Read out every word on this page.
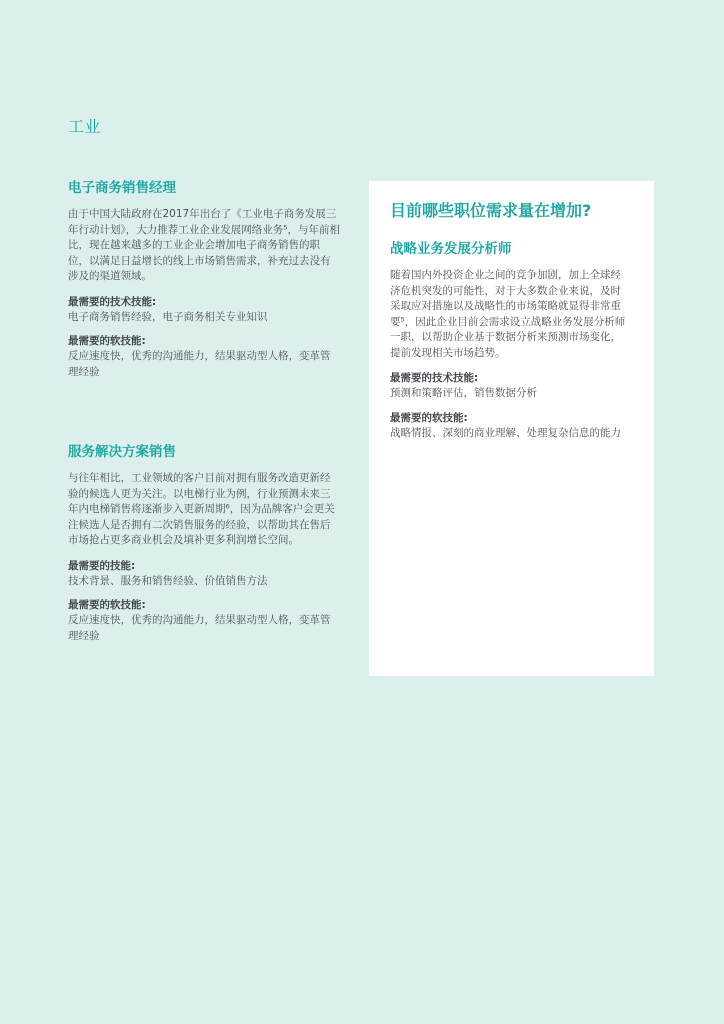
工业
电子商务销售经理

由于中国大陆政府在2017年出台了《工业电子商务发展三年行动计划》，大力推荐工业企业发展网络业务⁵，与年前相比，现在越来越多的工业企业会增加电子商务销售的职位，以满足日益增长的线上市场销售需求，补充过去没有涉及的渠道领域。

最需要的技术技能:

电子商务销售经验，电子商务相关专业知识

最需要的软技能:

反应速度快，优秀的沟通能力，结果驱动型人格，变革管理经验

服务解决方案销售

与往年相比，工业领域的客户目前对拥有服务改造更新经验的候选人更为关注。以电梯行业为例，行业预测未来三年内电梯销售将逐渐步入更新周期⁶，因为品牌客户会更关注候选人是否拥有二次销售服务的经验，以帮助其在售后市场抢占更多商业机会及填补更多利润增长空间。

最需要的技能:

技术背景、服务和销售经验、价值销售方法

最需要的软技能:

反应速度快，优秀的沟通能力，结果驱动型人格，变革管理经验

目前哪些职位需求量在增加?
战略业务发展分析师

随着国内外投资企业之间的竞争加剧，加上全球经济危机突发的可能性，对于大多数企业来说，及时采取应对措施以及战略性的市场策略就显得非常重要⁵，因此企业目前会需求设立战略业务发展分析师一职，以帮助企业基于数据分析来预测市场变化，提前发现相关市场趋势。

最需要的技术技能:

预测和策略评估，销售数据分析

最需要的软技能:

战略情报、深刻的商业理解、处理复杂信息的能力
